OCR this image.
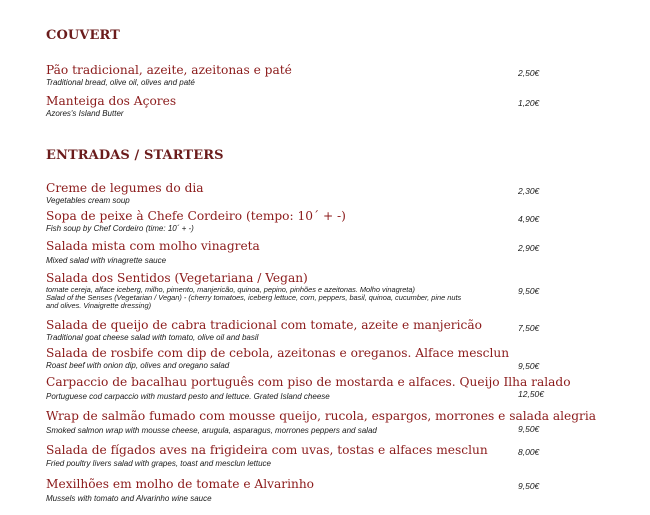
COUVERT
Pão tradicional, azeite, azeitonas e paté
Traditional bread, olive oil, olives and paté
2,50€
Manteiga dos Açores
Azores's Island Butter
1,20€
ENTRADAS / STARTERS
Creme de legumes do dia
Vegetables cream soup
2,30€
Sopa de peixe à Chefe Cordeiro (tempo: 10´ + -)
Fish soup by Chef Cordeiro (time: 10´ + -)
4,90€
Salada mista com molho vinagreta
Mixed salad with vinagrette sauce
2,90€
Salada dos Sentidos (Vegetariana / Vegan)
tomate cereja, alface iceberg, milho, pimento, manjericão, quinoa, pepino, pinhões e azeitonas. Molho vinagreta)
Salad of the Senses (Vegetarian / Vegan) - (cherry tomatoes, iceberg lettuce, corn, peppers, basil, quinoa, cucumber, pine nuts
and olives. Vinaigrette dressing)
9,50€
Salada de queijo de cabra tradicional com tomate, azeite e manjericão
Traditional goat cheese salad with tomato, olive oil and basil
7,50€
Salada de rosbife com dip de cebola, azeitonas e oreganos. Alface mesclun
Roast beef with onion dip, olives and oregano salad	9,50€
Carpaccio de bacalhau português com piso de mostarda e alfaces. Queijo Ilha ralado
Portuguese cod carpaccio with mustard pesto and lettuce. Grated Island cheese	12,50€
Wrap de salmão fumado com mousse queijo, rucola, espargos, morrones e salada alegria
Smoked salmon wrap with mousse cheese, arugula, asparagus, morrones peppers and salad	9,50€
Salada de fígados aves na frigideira com uvas, tostas e alfaces mesclun
Fried poultry livers salad with grapes, toast and mesclun lettuce
8,00€
Mexilhões em molho de tomate e Alvarinho
Mussels with tomato and Alvarinho wine sauce
9,50€
